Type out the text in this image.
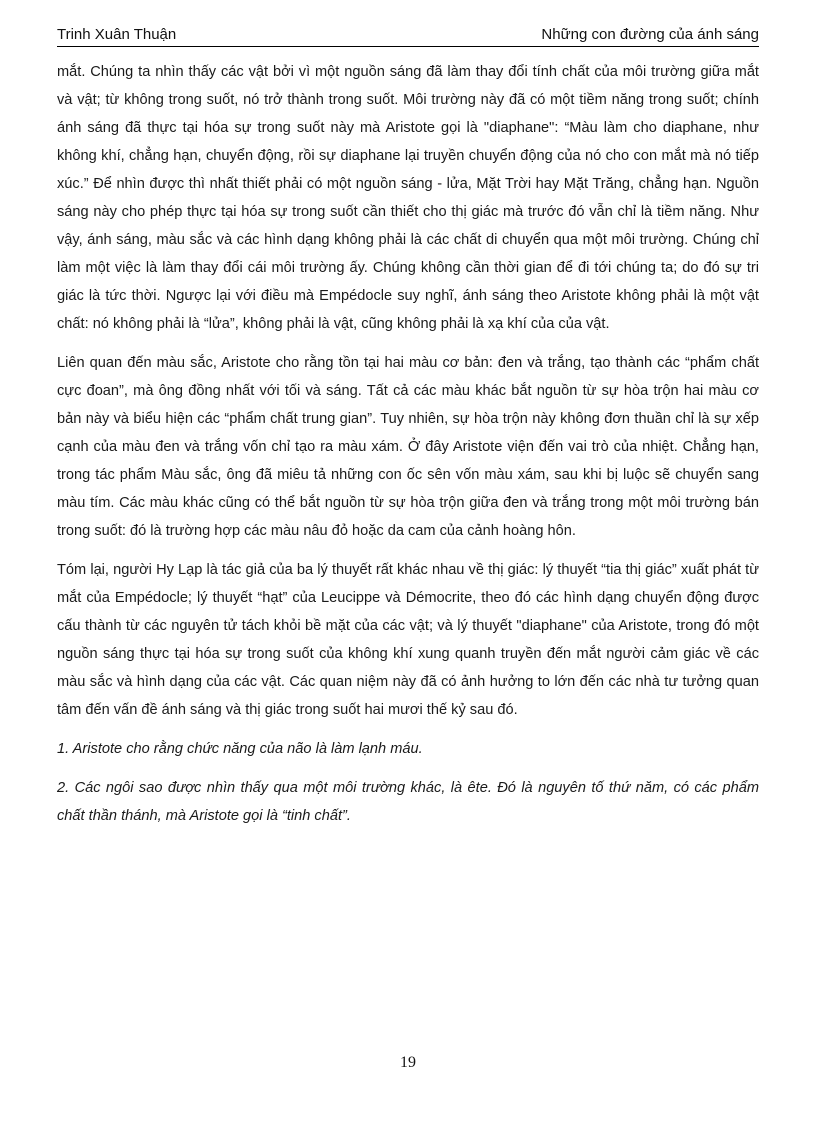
Trinh Xuân Thuận	Những con đường của ánh sáng

mắt. Chúng ta nhìn thấy các vật bởi vì một nguồn sáng đã làm thay đổi tính chất của môi trường giữa mắt và vật; từ không trong suốt, nó trở thành trong suốt. Môi trường này đã có một tiềm năng trong suốt; chính ánh sáng đã thực tại hóa sự trong suốt này mà Aristote gọi là "diaphane": “Màu làm cho diaphane, như không khí, chẳng hạn, chuyển động, rồi sự diaphane lại truyền chuyển động của nó cho con mắt mà nó tiếp xúc.” Để nhìn được thì nhất thiết phải có một nguồn sáng - lửa, Mặt Trời hay Mặt Trăng, chẳng hạn. Nguồn sáng này cho phép thực tại hóa sự trong suốt cần thiết cho thị giác mà trước đó vẫn chỉ là tiềm năng. Như vậy, ánh sáng, màu sắc và các hình dạng không phải là các chất di chuyển qua một môi trường. Chúng chỉ làm một việc là làm thay đổi cái môi trường ấy. Chúng không cần thời gian để đi tới chúng ta; do đó sự tri giác là tức thời. Ngược lại với điều mà Empédocle suy nghĩ, ánh sáng theo Aristote không phải là một vật chất: nó không phải là “lửa”, không phải là vật, cũng không phải là xạ khí của của vật.

Liên quan đến màu sắc, Aristote cho rằng tồn tại hai màu cơ bản: đen và trắng, tạo thành các “phẩm chất cực đoan”, mà ông đồng nhất với tối và sáng. Tất cả các màu khác bắt nguồn từ sự hòa trộn hai màu cơ bản này và biểu hiện các “phẩm chất trung gian”. Tuy nhiên, sự hòa trộn này không đơn thuần chỉ là sự xếp cạnh của màu đen và trắng vốn chỉ tạo ra màu xám. Ở đây Aristote viện đến vai trò của nhiệt. Chẳng hạn, trong tác phẩm Màu sắc, ông đã miêu tả những con ốc sên vốn màu xám, sau khi bị luộc sẽ chuyển sang màu tím. Các màu khác cũng có thể bắt nguồn từ sự hòa trộn giữa đen và trắng trong một môi trường bán trong suốt: đó là trường hợp các màu nâu đỏ hoặc da cam của cảnh hoàng hôn.

Tóm lại, người Hy Lạp là tác giả của ba lý thuyết rất khác nhau về thị giác: lý thuyết “tia thị giác” xuất phát từ mắt của Empédocle; lý thuyết “hạt” của Leucippe và Démocrite, theo đó các hình dạng chuyển động được cấu thành từ các nguyên tử tách khỏi bề mặt của các vật; và lý thuyết "diaphane" của Aristote, trong đó một nguồn sáng thực tại hóa sự trong suốt của không khí xung quanh truyền đến mắt người cảm giác về các màu sắc và hình dạng của các vật. Các quan niệm này đã có ảnh hưởng to lớn đến các nhà tư tưởng quan tâm đến vấn đề ánh sáng và thị giác trong suốt hai mươi thế kỷ sau đó.

1. Aristote cho rằng chức năng của não là làm lạnh máu.

2. Các ngôi sao được nhìn thấy qua một môi trường khác, là ête. Đó là nguyên tố thứ năm, có các phẩm chất thần thánh, mà Aristote gọi là “tinh chất”.

19
